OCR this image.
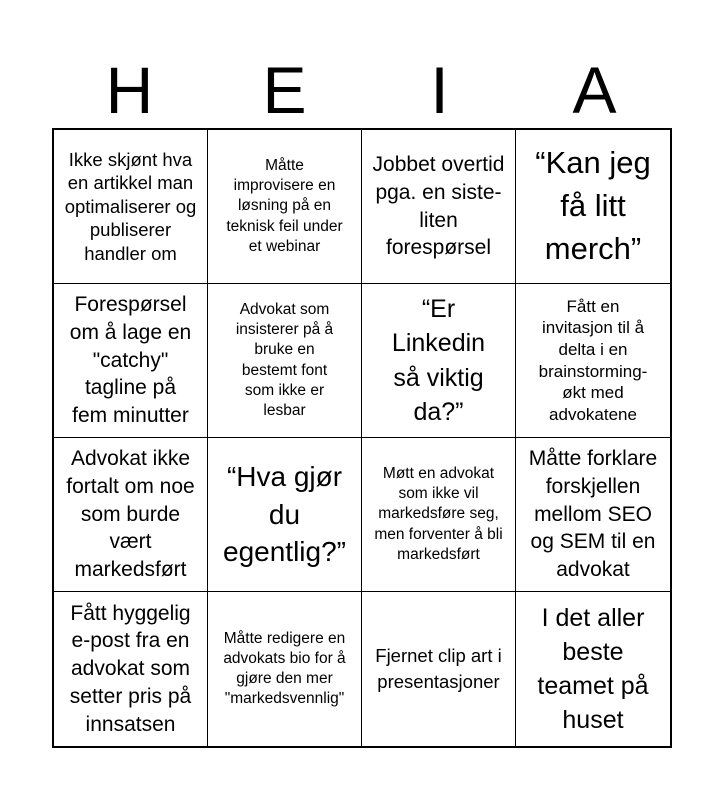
H	E	I	A
Ikke skjønt hva en artikkel man optimaliserer og publiserer handler om
Måtte improvisere en løsning på en teknisk feil under et webinar
Jobbet overtid pga. en siste-liten forespørsel
“Kan jeg få litt merch”
Forespørsel om å lage en "catchy" tagline på fem minutter
Advokat som insisterer på å bruke en bestemt font som ikke er lesbar
“Er Linkedin så viktig da?”
Fått en invitasjon til å delta i en brainstorming-økt med advokatene
Advokat ikke fortalt om noe som burde vært markedsført
“Hva gjør du egentlig?”
Møtt en advokat som ikke vil markedsføre seg, men forventer å bli markedsført
Måtte forklare forskjellen mellom SEO og SEM til en advokat
Fått hyggelig e-post fra en advokat som setter pris på innsatsen
Måtte redigere en advokats bio for å gjøre den mer "markedsvennlig"
Fjernet clip art i presentasjoner
I det aller beste teamet på huset
